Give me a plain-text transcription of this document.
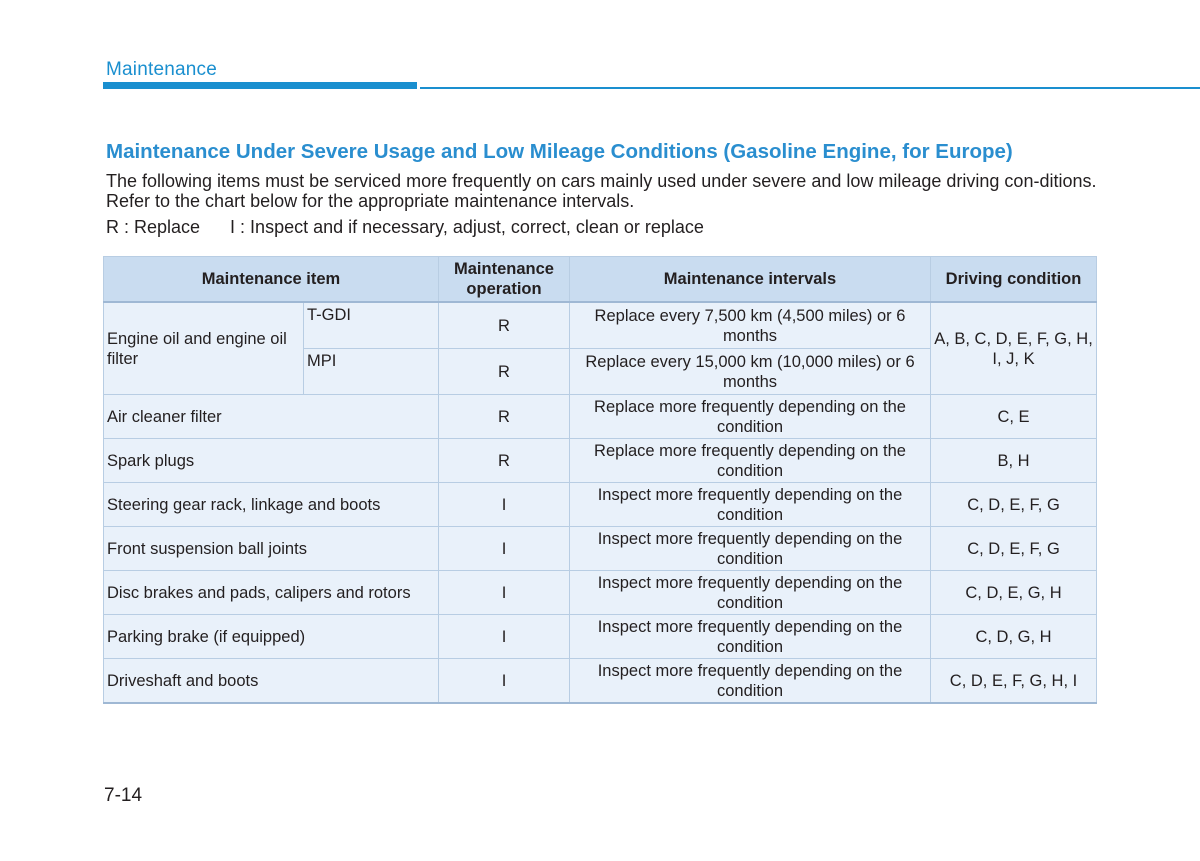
Maintenance
Maintenance Under Severe Usage and Low Mileage Conditions (Gasoline Engine, for Europe)

The following items must be serviced more frequently on cars mainly used under severe and low mileage driving con-ditions. Refer to the chart below for the appropriate maintenance intervals.

R : Replace I : Inspect and if necessary, adjust, correct, clean or replace
Maintenance item		Maintenance operation	Maintenance intervals	Driving condition
Engine oil and engine oil filter	T-GDI	R	Replace every 7,500 km (4,500 miles) or 6 months	A, B, C, D, E, F, G, H, I, J, K
	MPI	R	Replace every 15,000 km (10,000 miles) or 6 months	
Air cleaner filter		R	Replace more frequently depending on the condition	C, E
Spark plugs		R	Replace more frequently depending on the condition	B, H
Steering gear rack, linkage and boots		I	Inspect more frequently depending on the condition	C, D, E, F, G
Front suspension ball joints		I	Inspect more frequently depending on the condition	C, D, E, F, G
Disc brakes and pads, calipers and rotors		I	Inspect more frequently depending on the condition	C, D, E, G, H
Parking brake (if equipped)		I	Inspect more frequently depending on the condition	C, D, G, H
Driveshaft and boots		I	Inspect more frequently depending on the condition	C, D, E, F, G, H, I
7-14
